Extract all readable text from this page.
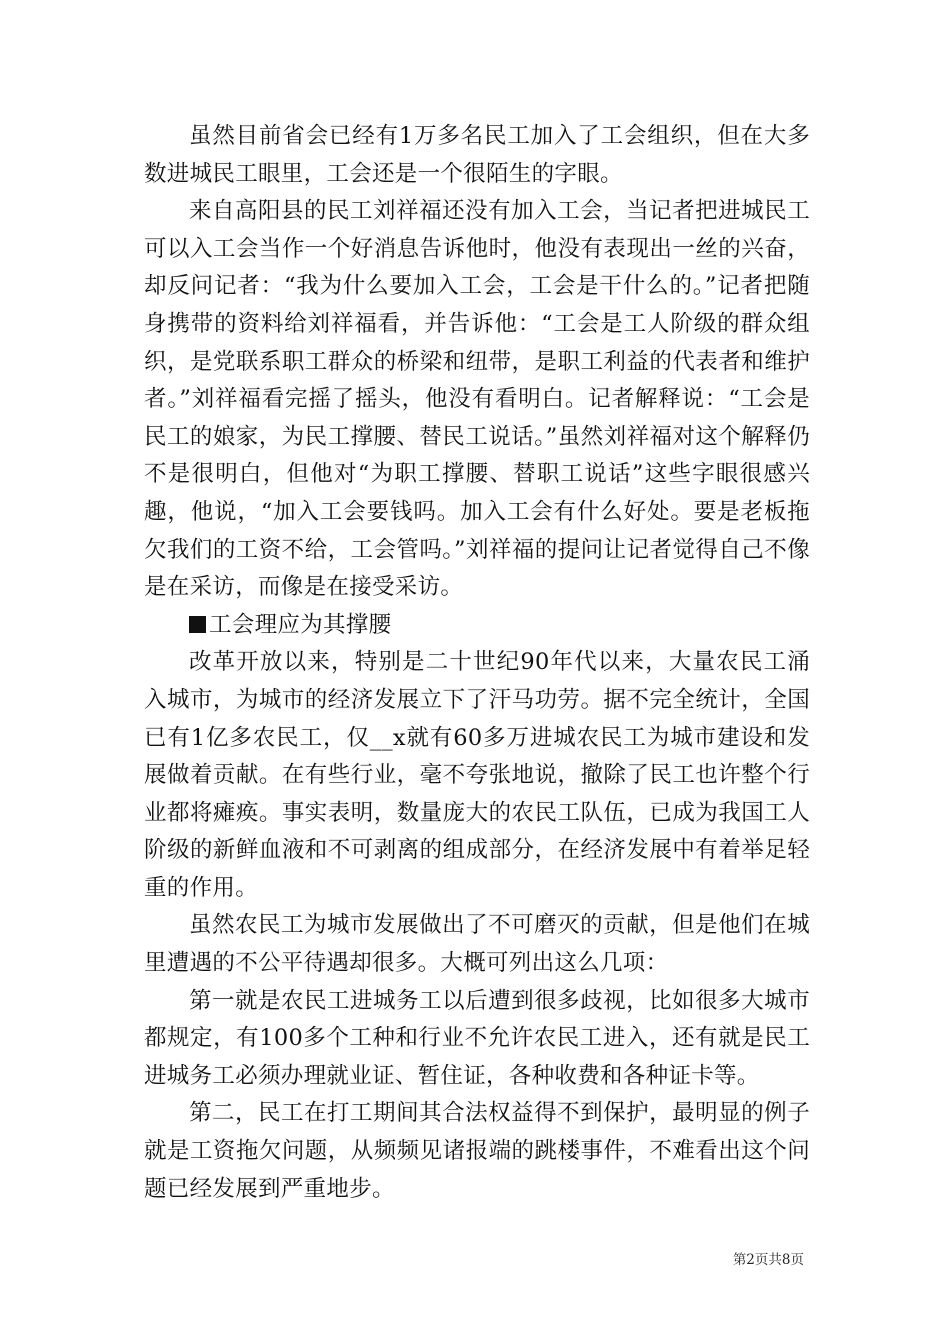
虽然目前省会已经有1万多名民工加入了工会组织，但在大多数进城民工眼里，工会还是一个很陌生的字眼。

来自高阳县的民工刘祥福还没有加入工会，当记者把进城民工可以入工会当作一个好消息告诉他时，他没有表现出一丝的兴奋，却反问记者：“我为什么要加入工会，工会是干什么的。”记者把随身携带的资料给刘祥福看，并告诉他：“工会是工人阶级的群众组织，是党联系职工群众的桥梁和纽带，是职工利益的代表者和维护者。”刘祥福看完摇了摇头，他没有看明白。记者解释说：“工会是民工的娘家，为民工撑腰、替民工说话。”虽然刘祥福对这个解释仍不是很明白，但他对“为职工撑腰、替职工说话”这些字眼很感兴趣，他说，“加入工会要钱吗。加入工会有什么好处。要是老板拖欠我们的工资不给，工会管吗。”刘祥福的提问让记者觉得自己不像是在采访，而像是在接受采访。

工会理应为其撑腰

改革开放以来，特别是二十世纪90年代以来，大量农民工涌入城市，为城市的经济发展立下了汗马功劳。据不完全统计，全国已有1亿多农民工，仅__x就有60多万进城农民工为城市建设和发展做着贡献。在有些行业，毫不夸张地说，撤除了民工也许整个行业都将瘫痪。事实表明，数量庞大的农民工队伍，已成为我国工人阶级的新鲜血液和不可剥离的组成部分，在经济发展中有着举足轻重的作用。

虽然农民工为城市发展做出了不可磨灭的贡献，但是他们在城里遭遇的不公平待遇却很多。大概可列出这么几项：

第一就是农民工进城务工以后遭到很多歧视，比如很多大城市都规定，有100多个工种和行业不允许农民工进入，还有就是民工进城务工必须办理就业证、暂住证，各种收费和各种证卡等。

第二，民工在打工期间其合法权益得不到保护，最明显的例子就是工资拖欠问题，从频频见诸报端的跳楼事件，不难看出这个问题已经发展到严重地步。

第2页共8页
